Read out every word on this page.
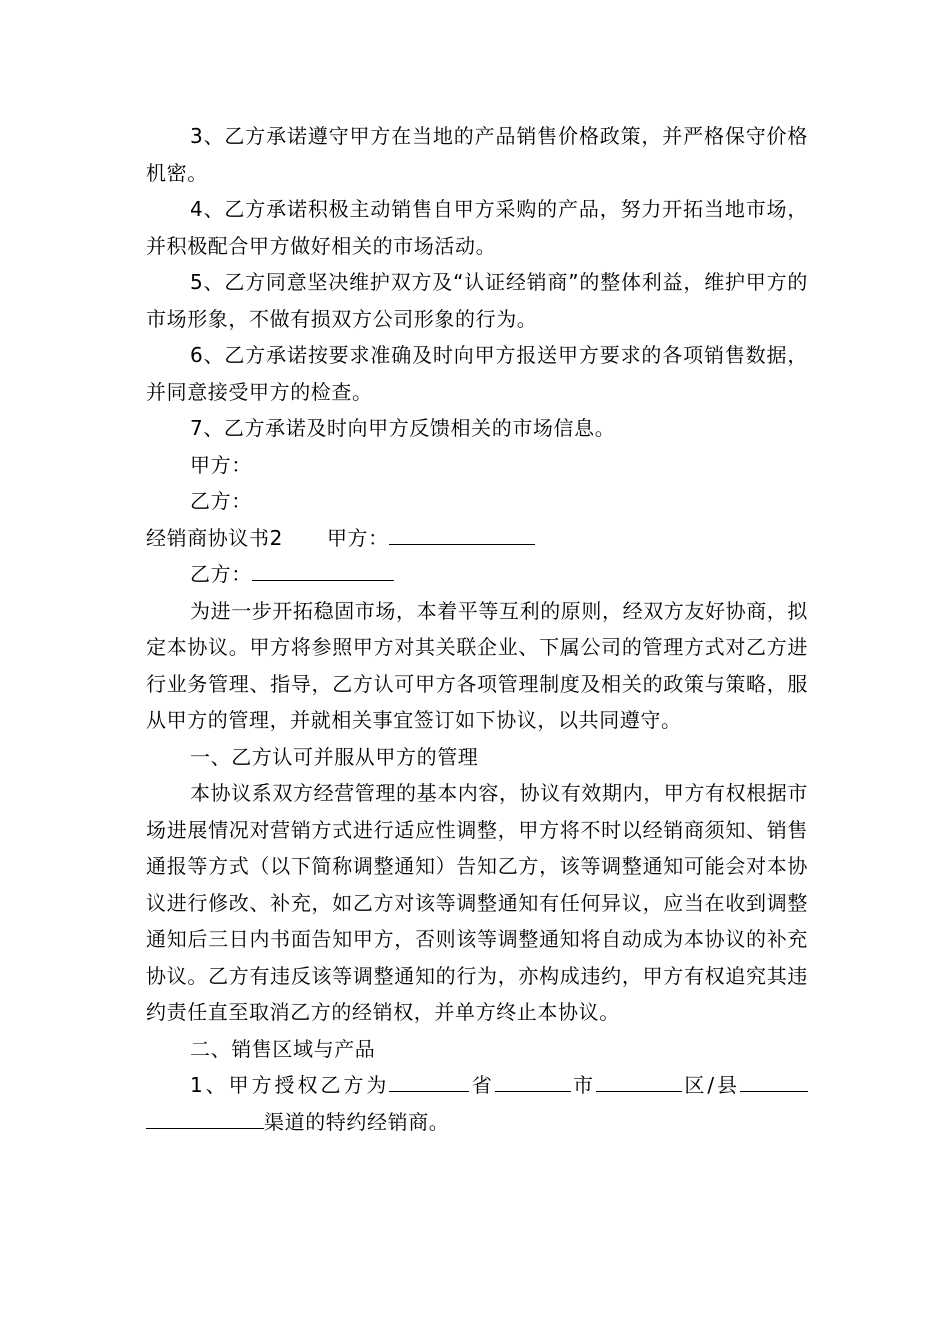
3、乙方承诺遵守甲方在当地的产品销售价格政策，并严格保守价格机密。

4、乙方承诺积极主动销售自甲方采购的产品，努力开拓当地市场，并积极配合甲方做好相关的市场活动。

5、乙方同意坚决维护双方及“认证经销商”的整体利益，维护甲方的市场形象，不做有损双方公司形象的行为。

6、乙方承诺按要求准确及时向甲方报送甲方要求的各项销售数据，并同意接受甲方的检查。

7、乙方承诺及时向甲方反馈相关的市场信息。

甲方：

乙方：

经销商协议书2 甲方：

乙方：

为进一步开拓稳固市场，本着平等互利的原则，经双方友好协商，拟定本协议。甲方将参照甲方对其关联企业、下属公司的管理方式对乙方进行业务管理、指导，乙方认可甲方各项管理制度及相关的政策与策略，服从甲方的管理，并就相关事宜签订如下协议，以共同遵守。

一、乙方认可并服从甲方的管理

本协议系双方经营管理的基本内容，协议有效期内，甲方有权根据市场进展情况对营销方式进行适应性调整，甲方将不时以经销商须知、销售通报等方式（以下简称调整通知）告知乙方，该等调整通知可能会对本协议进行修改、补充，如乙方对该等调整通知有任何异议，应当在收到调整通知后三日内书面告知甲方，否则该等调整通知将自动成为本协议的补充协议。乙方有违反该等调整通知的行为，亦构成违约，甲方有权追究其违约责任直至取消乙方的经销权，并单方终止本协议。

二、销售区域与产品

1、甲方授权乙方为	省	市	区/县渠道的特约经销商。
